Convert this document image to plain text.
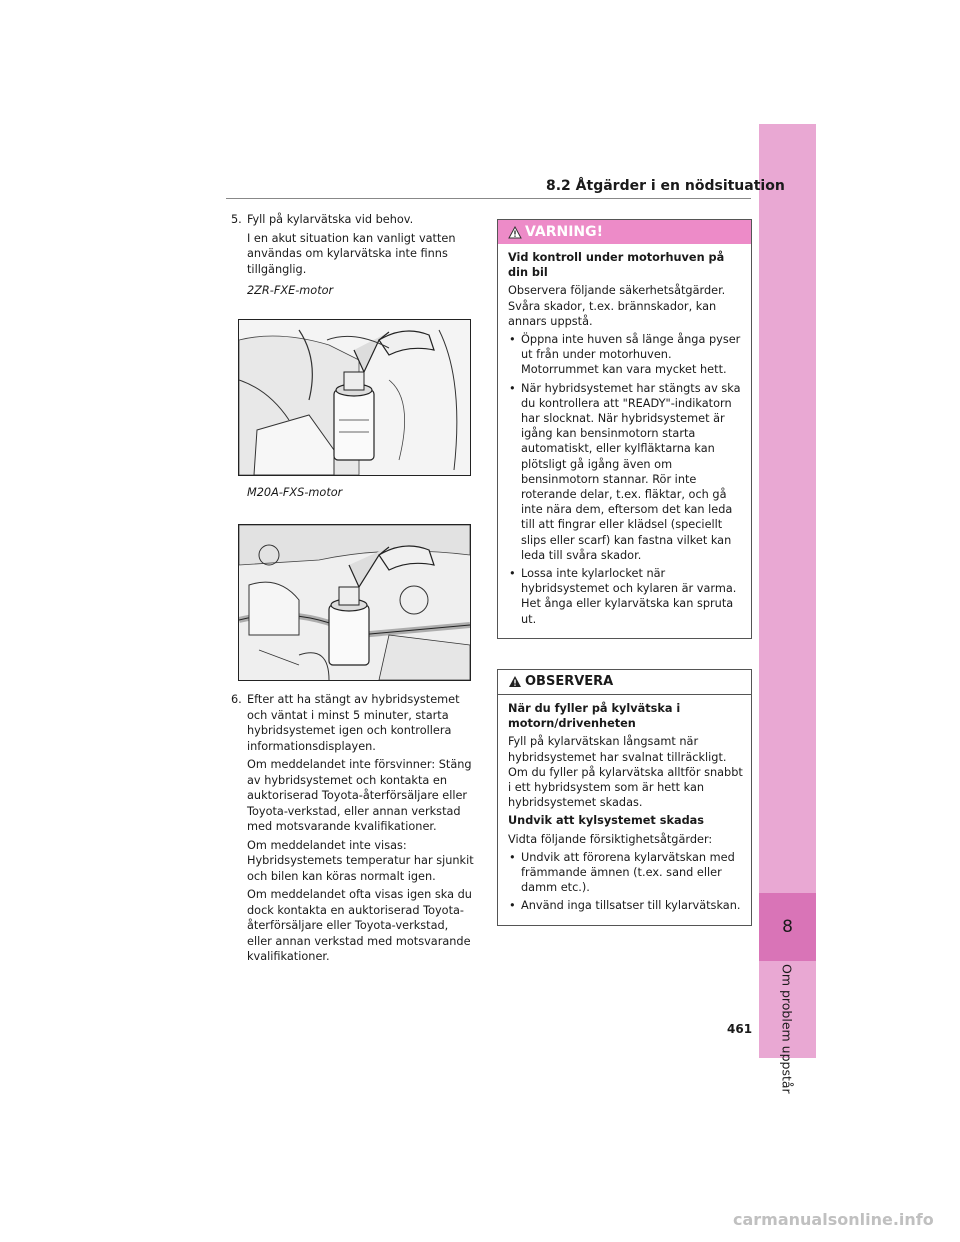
8
Om problem uppstår
8.2 Åtgärder i en nödsituation

5. Fyll på kylarvätska vid behov.

I en akut situation kan vanligt vatten användas om kylarvätska inte finns tillgänglig.

2ZR-FXE-motor

M20A-FXS-motor

6. Efter att ha stängt av hybridsystemet och väntat i minst 5 minuter, starta hybridsystemet igen och kontrollera informationsdisplayen.

Om meddelandet inte försvinner: Stäng av hybridsystemet och kontakta en auktoriserad Toyota-återförsäljare eller Toyota-verkstad, eller annan verkstad med motsvarande kvalifikationer.

Om meddelandet inte visas: Hybridsystemets temperatur har sjunkit och bilen kan köras normalt igen.

Om meddelandet ofta visas igen ska du dock kontakta en auktoriserad Toyota-återförsäljare eller Toyota-verkstad, eller annan verkstad med motsvarande kvalifikationer.

VARNING!

Vid kontroll under motorhuven på din bil

Observera följande säkerhetsåtgärder. Svåra skador, t.ex. brännskador, kan annars uppstå.

• Öppna inte huven så länge ånga pyser ut från under motorhuven. Motorrummet kan vara mycket hett.

• När hybridsystemet har stängts av ska du kontrollera att "READY"-indikatorn har slocknat. När hybridsystemet är igång kan bensinmotorn starta automatiskt, eller kylfläktarna kan plötsligt gå igång även om bensinmotorn stannar. Rör inte roterande delar, t.ex. fläktar, och gå inte nära dem, eftersom det kan leda till att fingrar eller klädsel (speciellt slips eller scarf) kan fastna vilket kan leda till svåra skador.

• Lossa inte kylarlocket när hybridsystemet och kylaren är varma. Het ånga eller kylarvätska kan spruta ut.

OBSERVERA

När du fyller på kylvätska i motorn/drivenheten

Fyll på kylarvätskan långsamt när hybridsystemet har svalnat tillräckligt. Om du fyller på kylarvätska alltför snabbt i ett hybridsystem som är hett kan hybridsystemet skadas.

Undvik att kylsystemet skadas

Vidta följande försiktighetsåtgärder:

• Undvik att förorena kylarvätskan med främmande ämnen (t.ex. sand eller damm etc.).

• Använd inga tillsatser till kylarvätskan.

461
carmanualsonline.info
